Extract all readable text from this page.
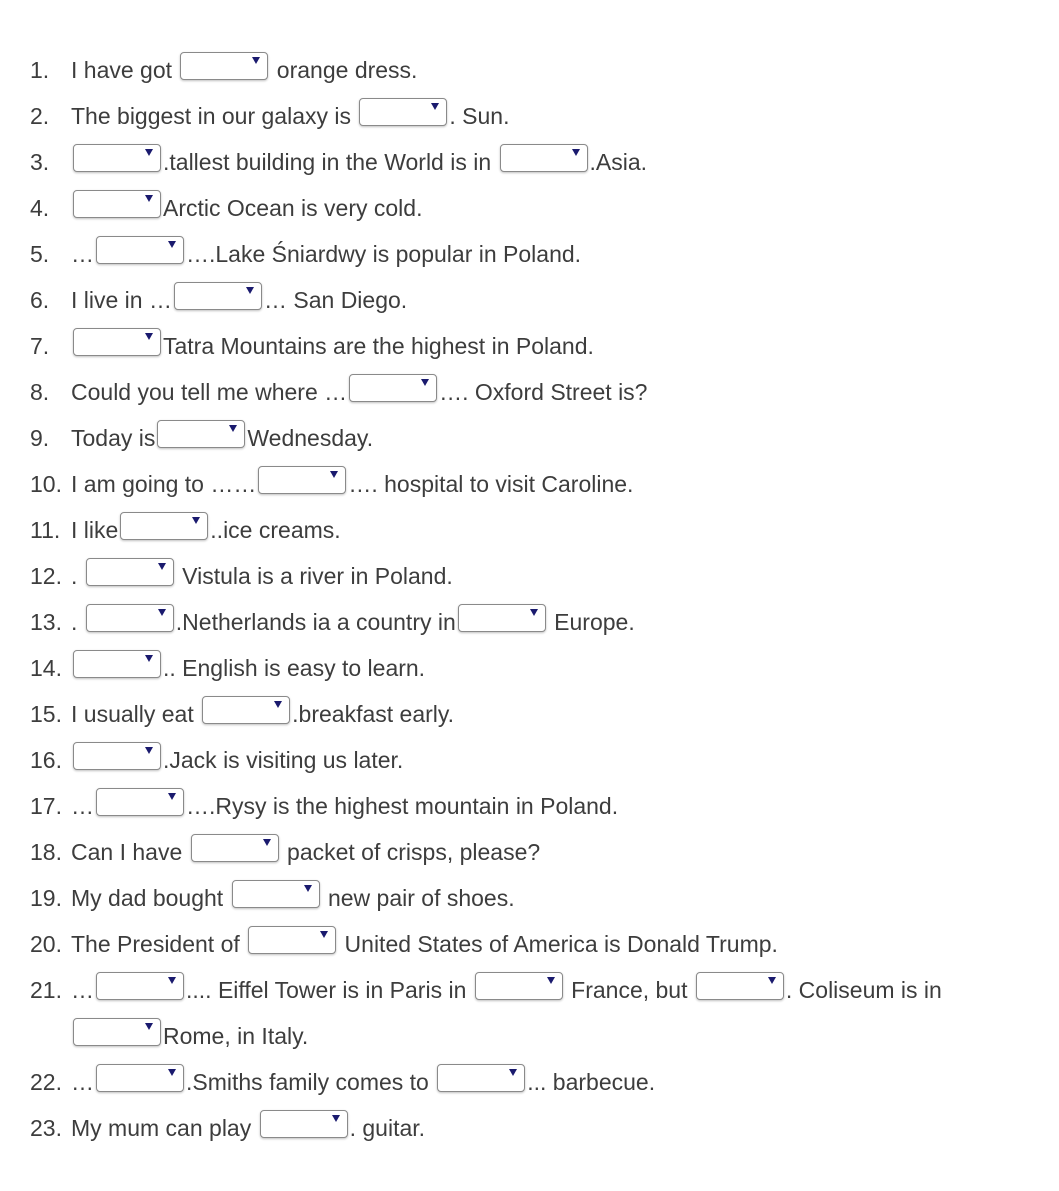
1. I have got	orange dress.
2. The biggest in our galaxy is	. Sun.
3.	.tallest building in the World is in	.Asia.
4.	Arctic Ocean is very cold.
5. …	….Lake Śniardwy is popular in Poland.
6. I live in …	… San Diego.
7.	Tatra Mountains are the highest in Poland.
8. Could you tell me where …	…. Oxford Street is?
9. Today is	Wednesday.
10. I am going to ……	…. hospital to visit Caroline.
11. I like	..ice creams.
12. .	Vistula is a river in Poland.
13. .	.Netherlands ia a country in	Europe.
14.	.. English is easy to learn.
15. I usually eat	.breakfast early.
16.	.Jack is visiting us later.
17. …	….Rysy is the highest mountain in Poland.
18. Can I have	packet of crisps, please?
19. My dad bought	new pair of shoes.
20. The President of	United States of America is Donald Trump.
21. …	.... Eiffel Tower is in Paris in	France, but	. Coliseum is in
Rome, in Italy.
22. …	.Smiths family comes to	... barbecue.
23. My mum can play	. guitar.
